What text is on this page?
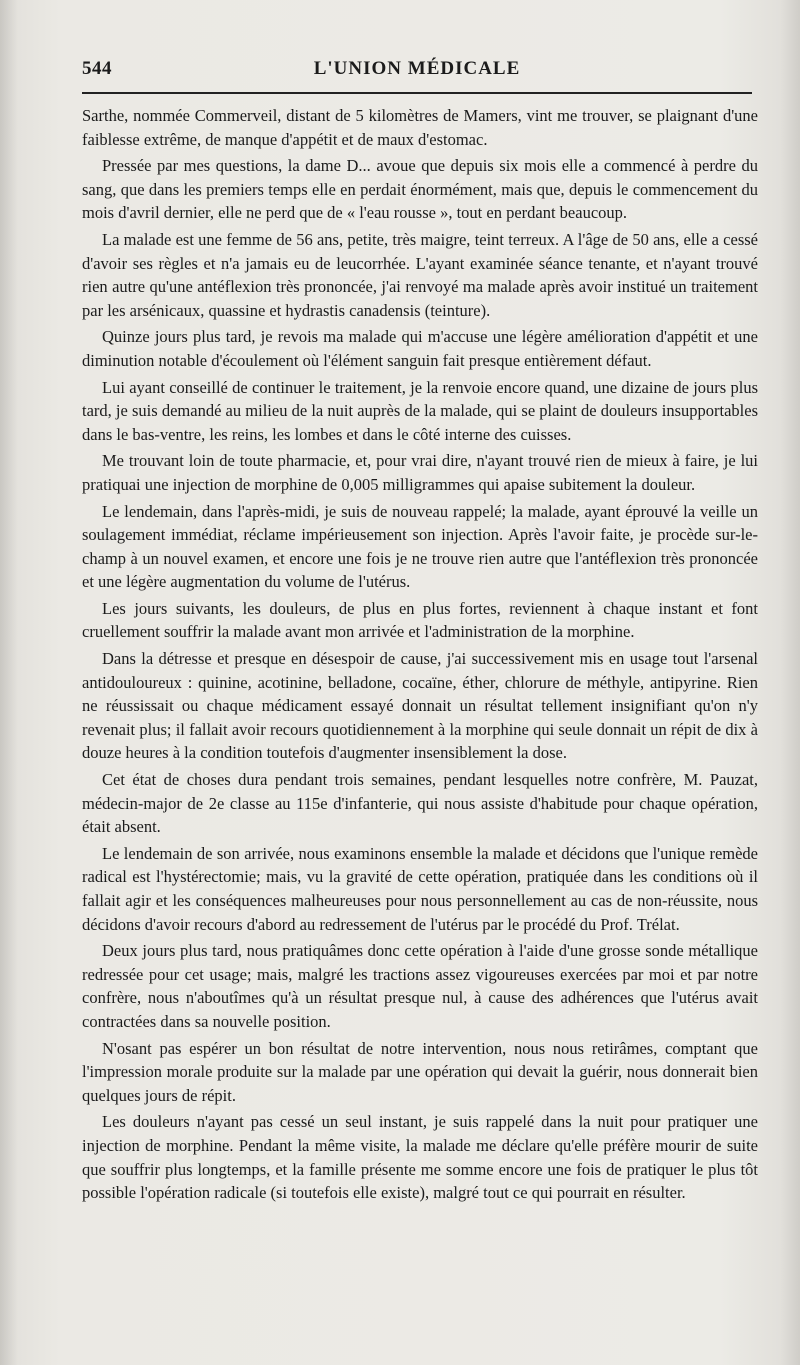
544	L'UNION MÉDICALE

Sarthe, nommée Commerveil, distant de 5 kilomètres de Mamers, vint me trouver, se plaignant d'une faiblesse extrême, de manque d'appétit et de maux d'estomac.

Pressée par mes questions, la dame D... avoue que depuis six mois elle a commencé à perdre du sang, que dans les premiers temps elle en perdait énormément, mais que, depuis le commencement du mois d'avril dernier, elle ne perd que de « l'eau rousse », tout en perdant beaucoup.

La malade est une femme de 56 ans, petite, très maigre, teint terreux. A l'âge de 50 ans, elle a cessé d'avoir ses règles et n'a jamais eu de leucorrhée. L'ayant examinée séance tenante, et n'ayant trouvé rien autre qu'une antéflexion très prononcée, j'ai renvoyé ma malade après avoir institué un traitement par les arsénicaux, quassine et hydrastis canadensis (teinture).

Quinze jours plus tard, je revois ma malade qui m'accuse une légère amélioration d'appétit et une diminution notable d'écoulement où l'élément sanguin fait presque entièrement défaut.

Lui ayant conseillé de continuer le traitement, je la renvoie encore quand, une dizaine de jours plus tard, je suis demandé au milieu de la nuit auprès de la malade, qui se plaint de douleurs insupportables dans le bas-ventre, les reins, les lombes et dans le côté interne des cuisses.

Me trouvant loin de toute pharmacie, et, pour vrai dire, n'ayant trouvé rien de mieux à faire, je lui pratiquai une injection de morphine de 0,005 milligrammes qui apaise subitement la douleur.

Le lendemain, dans l'après-midi, je suis de nouveau rappelé; la malade, ayant éprouvé la veille un soulagement immédiat, réclame impérieusement son injection. Après l'avoir faite, je procède sur-le-champ à un nouvel examen, et encore une fois je ne trouve rien autre que l'antéflexion très prononcée et une légère augmentation du volume de l'utérus.

Les jours suivants, les douleurs, de plus en plus fortes, reviennent à chaque instant et font cruellement souffrir la malade avant mon arrivée et l'administration de la morphine.

Dans la détresse et presque en désespoir de cause, j'ai successivement mis en usage tout l'arsenal antidouloureux : quinine, acotinine, belladone, cocaïne, éther, chlorure de méthyle, antipyrine. Rien ne réussissait ou chaque médicament essayé donnait un résultat tellement insignifiant qu'on n'y revenait plus; il fallait avoir recours quotidiennement à la morphine qui seule donnait un répit de dix à douze heures à la condition toutefois d'augmenter insensiblement la dose.

Cet état de choses dura pendant trois semaines, pendant lesquelles notre confrère, M. Pauzat, médecin-major de 2e classe au 115e d'infanterie, qui nous assiste d'habitude pour chaque opération, était absent.

Le lendemain de son arrivée, nous examinons ensemble la malade et décidons que l'unique remède radical est l'hystérectomie; mais, vu la gravité de cette opération, pratiquée dans les conditions où il fallait agir et les conséquences malheureuses pour nous personnellement au cas de non-réussite, nous décidons d'avoir recours d'abord au redressement de l'utérus par le procédé du Prof. Trélat.

Deux jours plus tard, nous pratiquâmes donc cette opération à l'aide d'une grosse sonde métallique redressée pour cet usage; mais, malgré les tractions assez vigoureuses exercées par moi et par notre confrère, nous n'aboutîmes qu'à un résultat presque nul, à cause des adhérences que l'utérus avait contractées dans sa nouvelle position.

N'osant pas espérer un bon résultat de notre intervention, nous nous retirâmes, comptant que l'impression morale produite sur la malade par une opération qui devait la guérir, nous donnerait bien quelques jours de répit.

Les douleurs n'ayant pas cessé un seul instant, je suis rappelé dans la nuit pour pratiquer une injection de morphine. Pendant la même visite, la malade me déclare qu'elle préfère mourir de suite que souffrir plus longtemps, et la famille présente me somme encore une fois de pratiquer le plus tôt possible l'opération radicale (si toutefois elle existe), malgré tout ce qui pourrait en résulter.
